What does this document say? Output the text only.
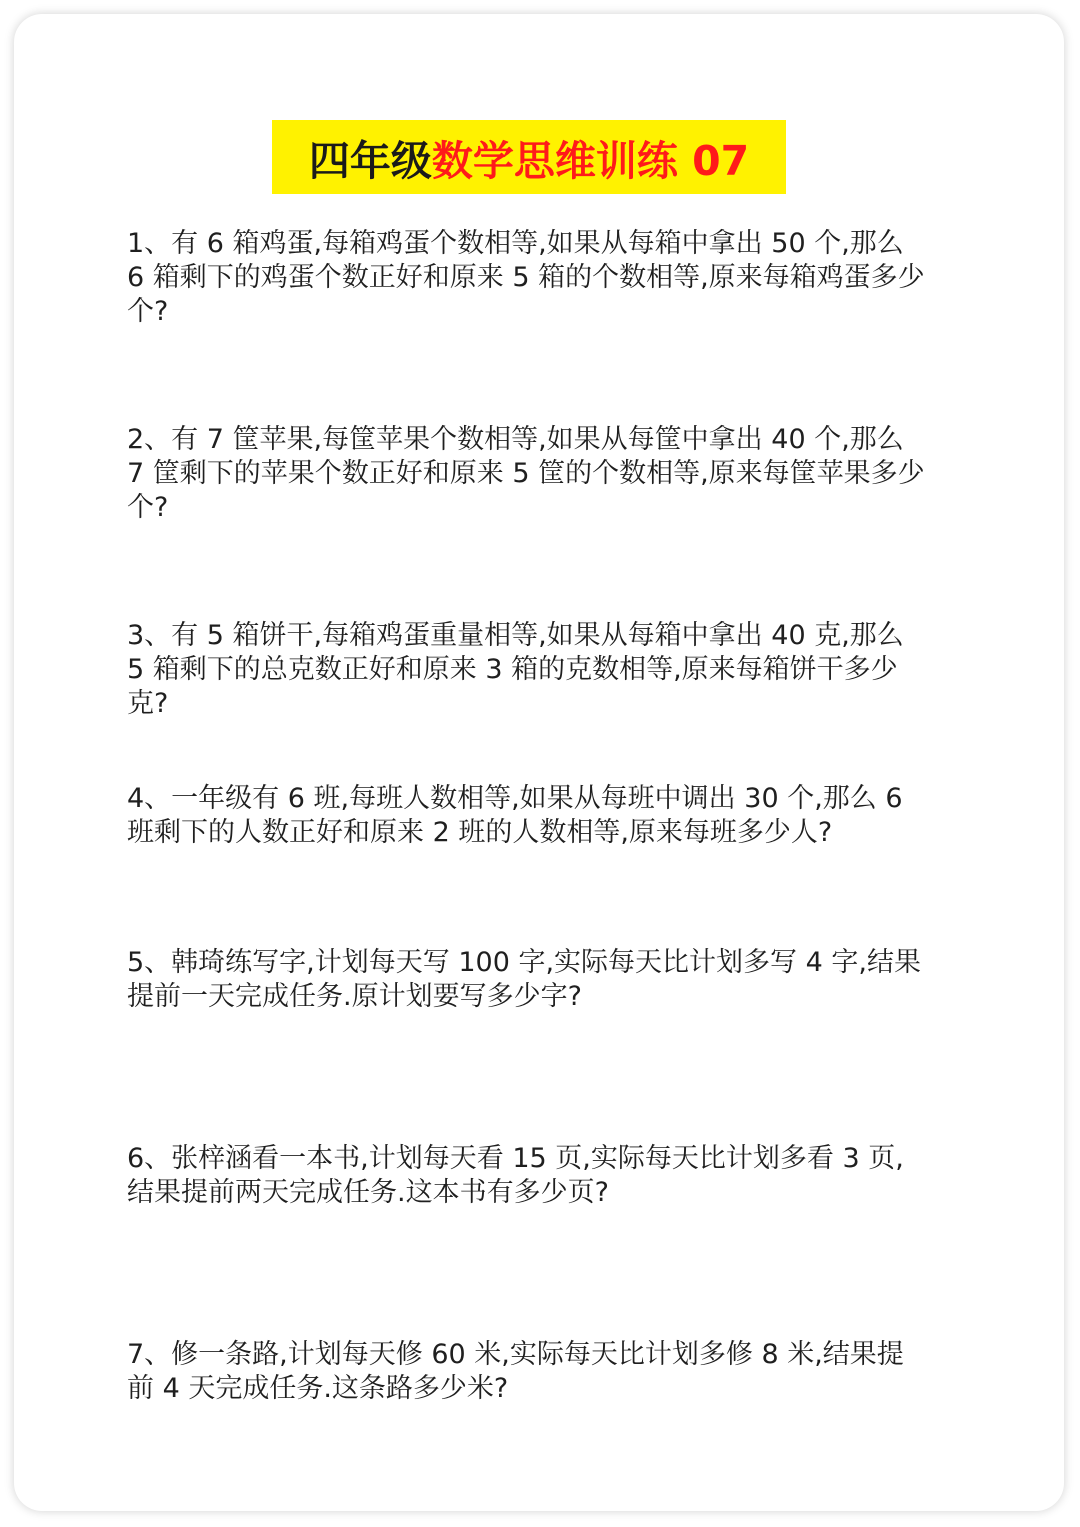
四年级 数学思维训练 07

1、有 6 箱鸡蛋,每箱鸡蛋个数相等,如果从每箱中拿出 50 个,那么 6 箱剩下的鸡蛋个数正好和原来 5 箱的个数相等,原来每箱鸡蛋多少个?

2、有 7 筐苹果,每筐苹果个数相等,如果从每筐中拿出 40 个,那么 7 筐剩下的苹果个数正好和原来 5 筐的个数相等,原来每筐苹果多少个?

3、有 5 箱饼干,每箱鸡蛋重量相等,如果从每箱中拿出 40 克,那么 5 箱剩下的总克数正好和原来 3 箱的克数相等,原来每箱饼干多少克?

4、一年级有 6 班,每班人数相等,如果从每班中调出 30 个,那么 6 班剩下的人数正好和原来 2 班的人数相等,原来每班多少人?

5、韩琦练写字,计划每天写 100 字,实际每天比计划多写 4 字,结果提前一天完成任务.原计划要写多少字?

6、张梓涵看一本书,计划每天看 15 页,实际每天比计划多看 3 页,结果提前两天完成任务.这本书有多少页?

7、修一条路,计划每天修 60 米,实际每天比计划多修 8 米,结果提前 4 天完成任务.这条路多少米?
